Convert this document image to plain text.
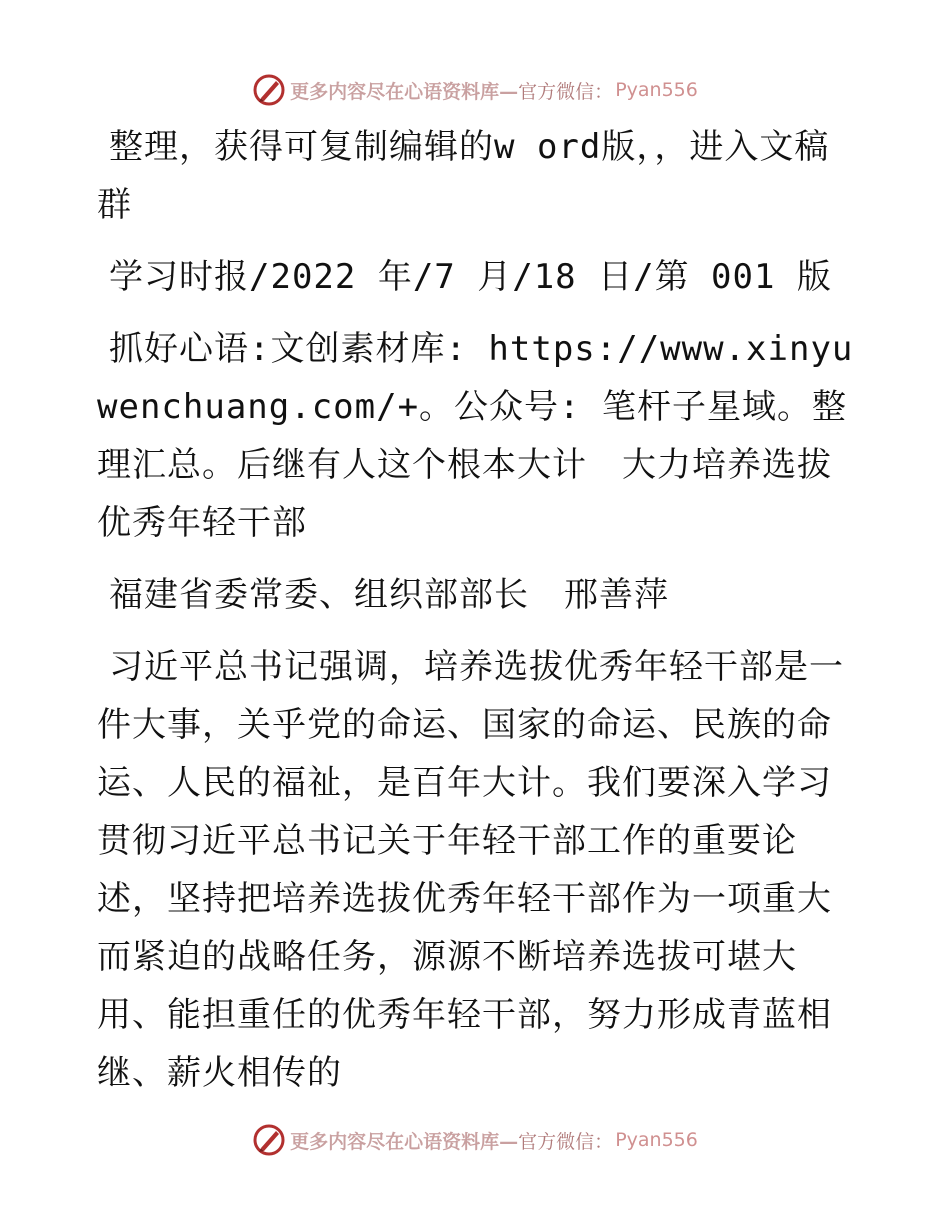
更多内容尽在心语资料库— 官方微信： Pyan556

整理，获得可复制编辑的w ord版，，进入文稿群

学习时报/2022 年/7 月/18 日/第 001 版

抓好心语:文创素材库: https://www.xinyuwenchuang.com/+。公众号: 笔杆子星域。整理汇总。后继有人这个根本大计　大力培养选拔优秀年轻干部

福建省委常委、组织部部长　邢善萍

习近平总书记强调，培养选拔优秀年轻干部是一件大事，关乎党的命运、国家的命运、民族的命运、人民的福祉，是百年大计。我们要深入学习贯彻习近平总书记关于年轻干部工作的重要论述，坚持把培养选拔优秀年轻干部作为一项重大而紧迫的战略任务，源源不断培养选拔可堪大用、能担重任的优秀年轻干部，努力形成青蓝相继、薪火相传的

更多内容尽在心语资料库— 官方微信： Pyan556
